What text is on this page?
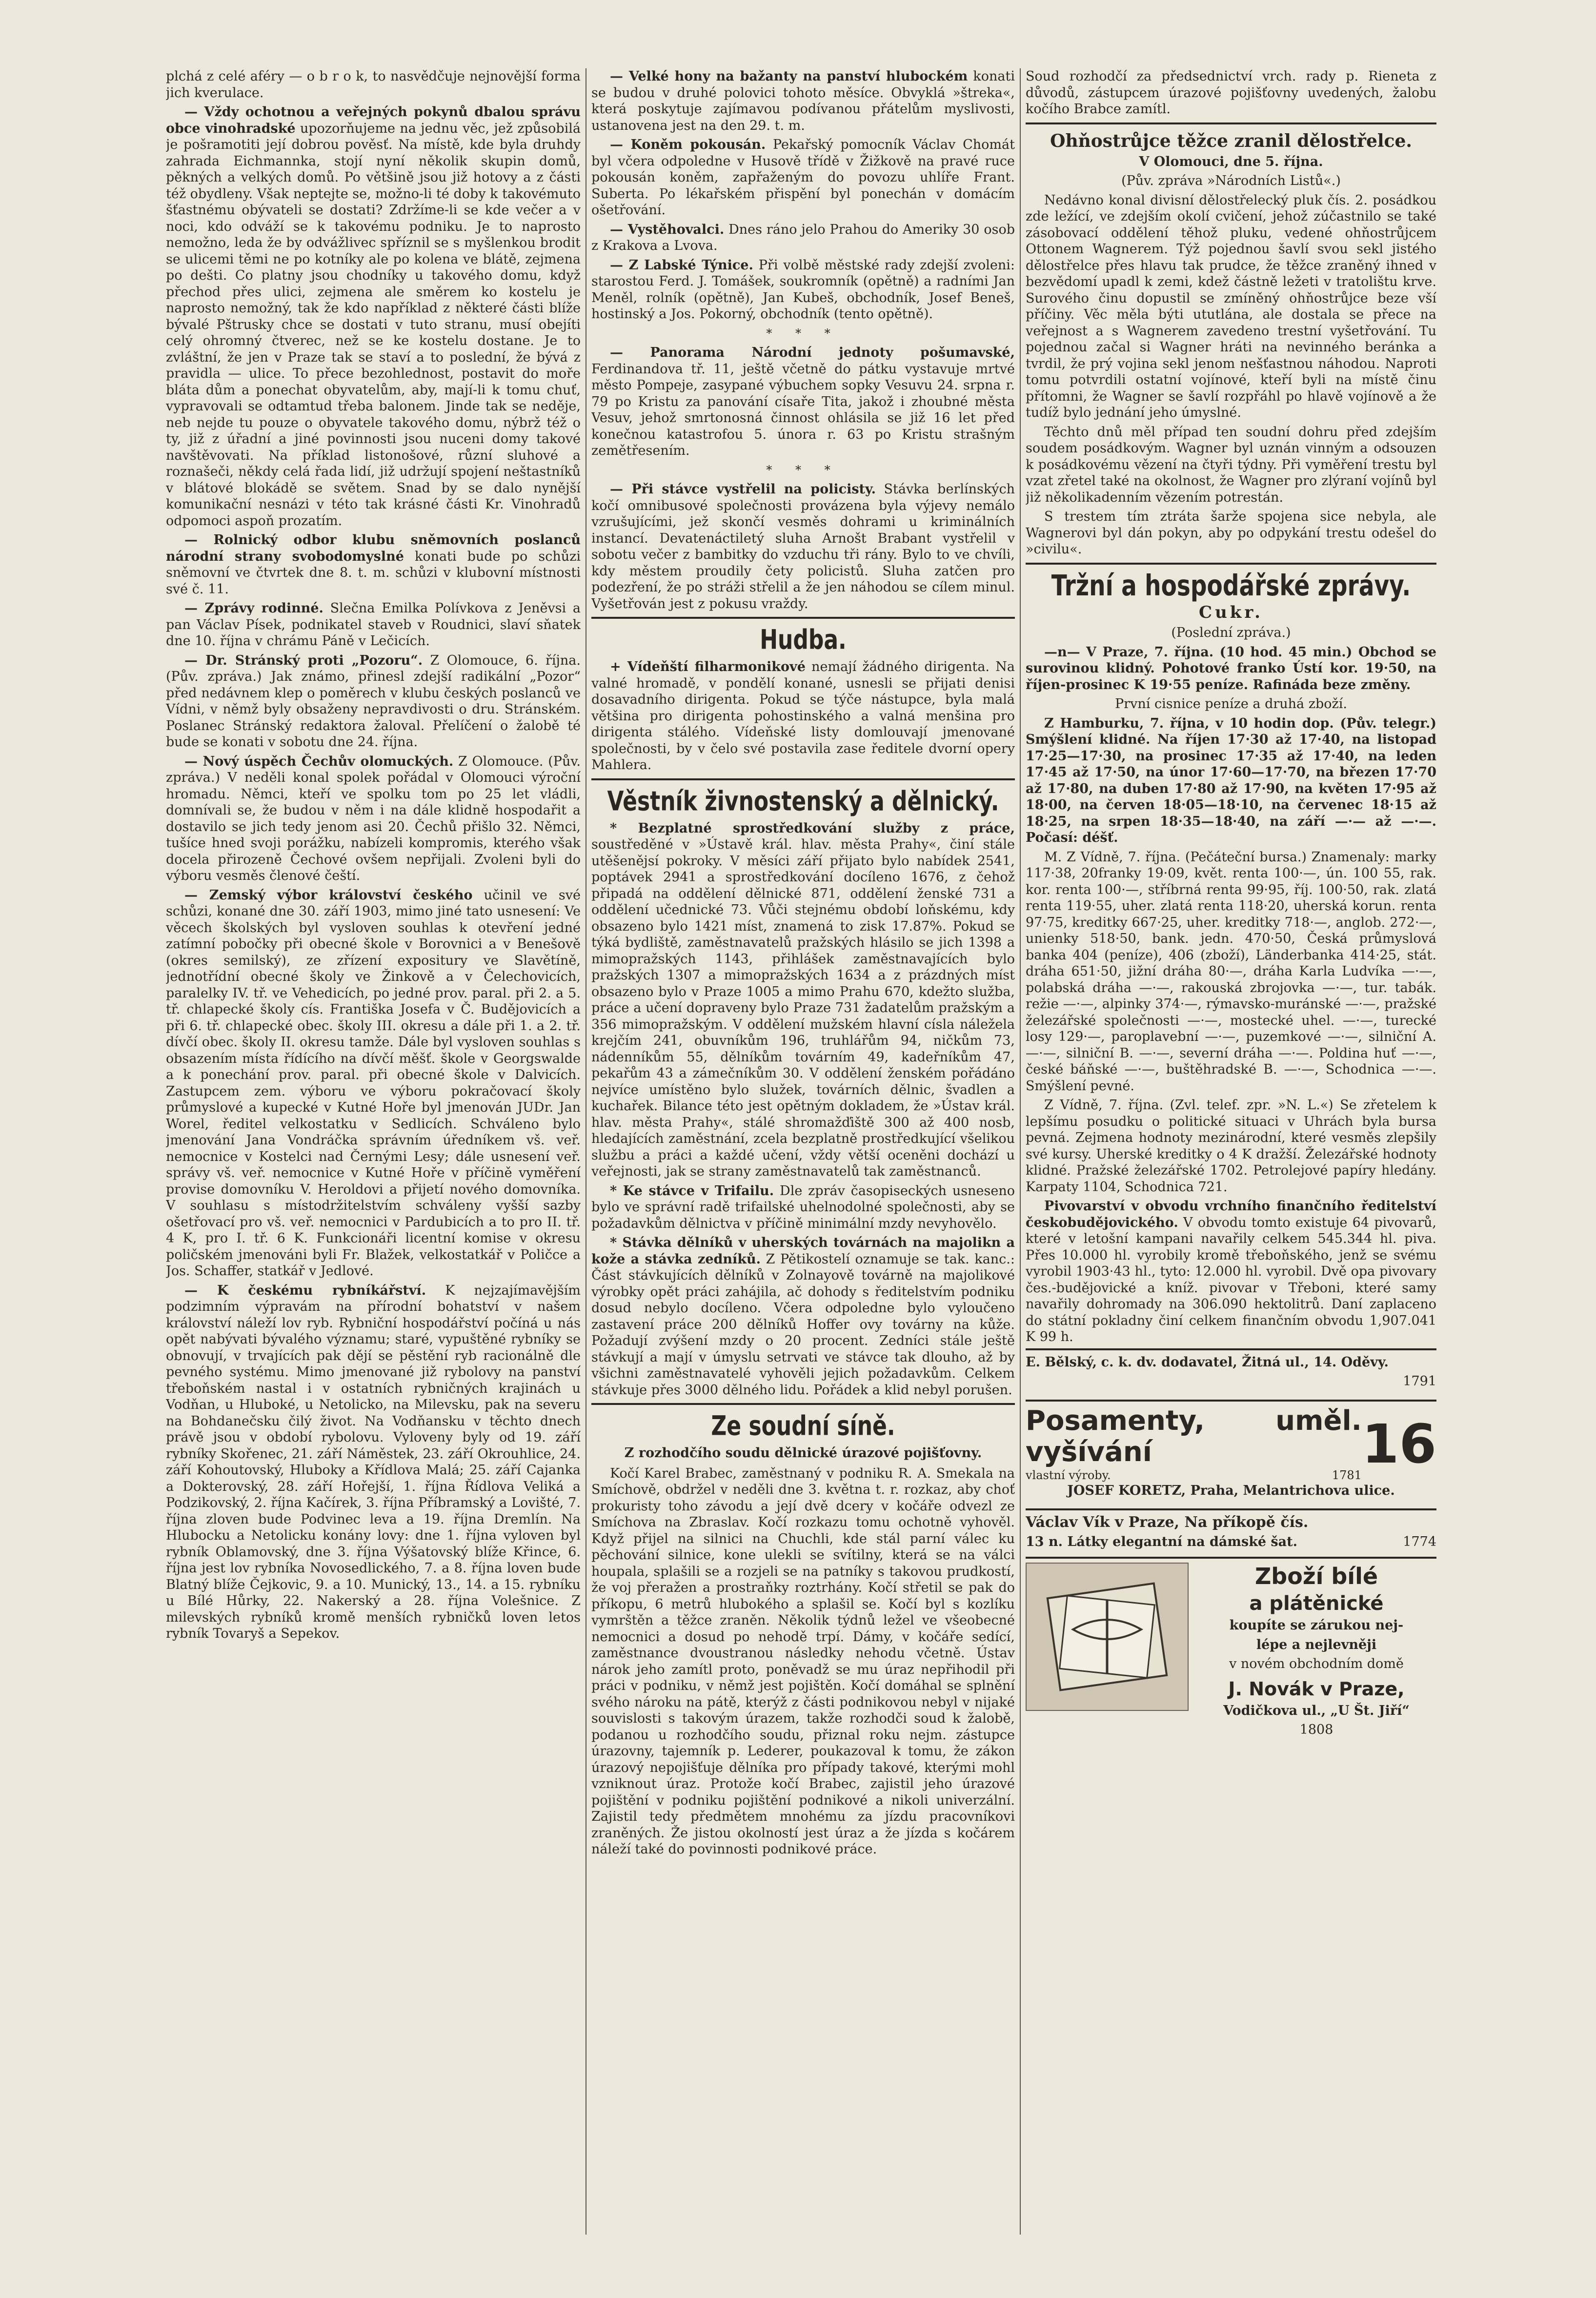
plchá z celé aféry — o b r o k, to nasvědčuje nejnovější forma jich kverulace.

— Vždy ochotnou a veřejných pokynů dbalou správu obce vinohradské upozorňujeme na jednu věc, jež způsobilá je pošramotiti její dobrou pověsť. Na místě, kde byla druhdy zahrada Eichmannka, stojí nyní několik skupin domů, pěkných a velkých domů. Po většině jsou již hotovy a z části též obydleny. Však neptejte se, možno-li té doby k takovémuto šťastnému obývateli se dostati? Zdržíme-li se kde večer a v noci, kdo odváží se k takovému podniku. Je to naprosto nemožno, leda že by odvážlivec spříznil se s myšlenkou brodit se ulicemi těmi ne po kotníky ale po kolena ve blátě, zejmena po dešti. Co platny jsou chodníky u takového domu, když přechod přes ulici, zejmena ale směrem ko kostelu je naprosto nemožný, tak že kdo například z některé části blíže bývalé Pštrusky chce se dostati v tuto stranu, musí obejíti celý ohromný čtverec, než se ke kostelu dostane. Je to zvláštní, že jen v Praze tak se staví a to poslední, že bývá z pravidla — ulice. To přece bezohlednost, postavit do moře bláta dům a ponechat obyvatelům, aby, mají-li k tomu chuť, vypravovali se odtamtud třeba balonem. Jinde tak se neděje, neb nejde tu pouze o obyvatele takového domu, nýbrž též o ty, již z úřadní a jiné povinnosti jsou nuceni domy takové navštěvovati. Na příklad listonošové, různí sluhové a roznašeči, někdy celá řada lidí, již udržují spojení neštastníků v blátové blokádě se světem. Snad by se dalo nynější komunikační nesnázi v této tak krásné části Kr. Vinohradů odpomoci aspoň prozatím.

— Rolnický odbor klubu sněmovních poslanců národní strany svobodomyslné konati bude po schůzi sněmovní ve čtvrtek dne 8. t. m. schůzi v klubovní místnosti své č. 11.

— Zprávy rodinné. Slečna Emilka Polívkova z Jeněvsi a pan Václav Písek, podnikatel staveb v Roudnici, slaví sňatek dne 10. října v chrámu Páně v Lečicích.

— Dr. Stránský proti „Pozoru“. Z Olomouce, 6. října. (Pův. zpráva.) Jak známo, přinesl zdejší radikální „Pozor“ před nedávnem klep o poměrech v klubu českých poslanců ve Vídni, v němž byly obsaženy nepravdivosti o dru. Stránském. Poslanec Stránský redaktora žaloval. Přelíčení o žalobě té bude se konati v sobotu dne 24. října.

— Nový úspěch Čechův olomuckých. Z Olomouce. (Pův. zpráva.) V neděli konal spolek pořádal v Olomouci výroční hromadu. Němci, kteří ve spolku tom po 25 let vládli, domnívali se, že budou v něm i na dále klidně hospodařit a dostavilo se jich tedy jenom asi 20. Čechů přišlo 32. Němci, tušíce hned svoji porážku, nabízeli kompromis, kterého však docela přirozeně Čechové ovšem nepřijali. Zvoleni byli do výboru vesměs členové čeští.

— Zemský výbor království českého učinil ve své schůzi, konané dne 30. září 1903, mimo jiné tato usnesení: Ve věcech školských byl vysloven souhlas k otevření jedné zatímní pobočky při obecné škole v Borovnici a v Benešově (okres semilský), ze zřízení expositury ve Slavětíně, jednotřídní obecné školy ve Žinkově a v Čelechovicích, paralelky IV. tř. ve Vehedicích, po jedné prov. paral. při 2. a 5. tř. chlapecké školy cís. Františka Josefa v Č. Budějovicích a při 6. tř. chlapecké obec. školy III. okresu a dále při 1. a 2. tř. dívčí obec. školy II. okresu tamže. Dále byl vysloven souhlas s obsazením místa řídícího na dívčí měšť. škole v Georgswalde a k ponechání prov. paral. při obecné škole v Dalvicích. Zastupcem zem. výboru ve výboru pokračovací školy průmyslové a kupecké v Kutné Hoře byl jmenován JUDr. Jan Worel, ředitel velkostatku v Sedlicích. Schváleno bylo jmenování Jana Vondráčka správním úředníkem vš. veř. nemocnice v Kostelci nad Černými Lesy; dále usnesení veř. správy vš. veř. nemocnice v Kutné Hoře v příčině vyměření provise domovníku V. Heroldovi a přijetí nového domovníka. V souhlasu s místodržitelstvím schváleny vyšší sazby ošetřovací pro vš. veř. nemocnici v Pardubicích a to pro II. tř. 4 K, pro I. tř. 6 K. Funkcionáři licentní komise v okresu poličském jmenováni byli Fr. Blažek, velkostatkář v Poličce a Jos. Schaffer, statkář v Jedlové.

— K českému rybníkářství. K nejzajímavějším podzimním výpravám na přírodní bohatství v našem království náleží lov ryb. Rybniční hospodářství počíná u nás opět nabývati bývalého významu; staré, vypuštěné rybníky se obnovují, v trvajících pak dějí se pěstění ryb racionálně dle pevného systému. Mimo jmenované již rybolovy na panství třeboňském nastal i v ostatních rybničných krajinách u Vodňan, u Hluboké, u Netolicko, na Milevsku, pak na severu na Bohdanečsku čilý život. Na Vodňansku v těchto dnech právě jsou v období rybolovu. Vyloveny byly od 19. září rybníky Skořenec, 21. září Náměstek, 23. září Okrouhlice, 24. září Kohoutovský, Hluboky a Křídlova Malá; 25. září Cajanka a Dokterovský, 28. září Hořejší, 1. října Řídlova Veliká a Podzikovský, 2. října Kačírek, 3. října Příbramský a Lovišté, 7. října zloven bude Podvinec leva a 19. října Dremlín. Na Hlubocku a Netolicku konány lovy: dne 1. října vyloven byl rybník Oblamovský, dne 3. října Výšatovský blíže Křince, 6. října jest lov rybníka Novosedlického, 7. a 8. října loven bude Blatný blíže Čejkovic, 9. a 10. Munický, 13., 14. a 15. rybníku u Bílé Hůrky, 22. Nakerský a 28. října Volešnice. Z milevských rybníků kromě menších rybničků loven letos rybník Tovaryš a Sepekov.

— Velké hony na bažanty na panství hlubockém konati se budou v druhé polovici tohoto měsíce. Obvyklá »štreka«, která poskytuje zajímavou podívanou přátelům myslivosti, ustanovena jest na den 29. t. m.

— Koněm pokousán. Pekařský pomocník Václav Chomát byl včera odpoledne v Husově třídě v Žižkově na pravé ruce pokousán koněm, zapřaženým do povozu uhlíře Frant. Suberta. Po lékařském přispění byl ponechán v domácím ošetřování.

— Vystěhovalci. Dnes ráno jelo Prahou do Ameriky 30 osob z Krakova a Lvova.

— Z Labské Týnice. Při volbě městské rady zdejší zvoleni: starostou Ferd. J. Tomášek, soukromník (opětně) a radními Jan Meněl, rolník (opětně), Jan Kubeš, obchodník, Josef Beneš, hostinský a Jos. Pokorný, obchodník (tento opětně).

* * *

— Panorama Národní jednoty pošumavské, Ferdinandova tř. 11, ještě včetně do pátku vystavuje mrtvé město Pompeje, zasypané výbuchem sopky Vesuvu 24. srpna r. 79 po Kristu za panování císaře Tita, jakož i zhoubné města Vesuv, jehož smrtonosná činnost ohlásila se již 16 let před konečnou katastrofou 5. února r. 63 po Kristu strašným zemětřesením.

* * *

— Při stávce vystřelil na policisty. Stávka berlínských kočí omnibusové společnosti provázena byla výjevy nemálo vzrušujícími, jež skončí vesměs dohrami u kriminálních instancí. Devatenáctiletý sluha Arnošt Brabant vystřelil v sobotu večer z bambitky do vzduchu tři rány. Bylo to ve chvíli, kdy městem proudily čety policistů. Sluha zatčen pro podezření, že po stráži střelil a že jen náhodou se cílem minul. Vyšetřován jest z pokusu vraždy.

Hudba.

+ Vídeňští filharmonikové nemají žádného dirigenta. Na valné hromadě, v pondělí konané, usnesli se přijati denisi dosavadního dirigenta. Pokud se týče nástupce, byla malá většina pro dirigenta pohostinského a valná menšina pro dirigenta stálého. Vídeňské listy domlouvají jmenované společnosti, by v čelo své postavila zase ředitele dvorní opery Mahlera.

Věstník živnostenský a dělnický.

* Bezplatné sprostředkování služby z práce, soustředěné v »Ústavě král. hlav. města Prahy«, činí stále utěšenějsí pokroky. V měsíci září přijato bylo nabídek 2541, poptávek 2941 a sprostředkování docíleno 1676, z čehož připadá na oddělení dělnické 871, oddělení ženské 731 a oddělení učednické 73. Vůči stejnému období loňskému, kdy obsazeno bylo 1421 míst, znamená to zisk 17.87%. Pokud se týká bydliště, zaměstnavatelů pražských hlásilo se jich 1398 a mimopražských 1143, přihlášek zaměstnavajících bylo pražských 1307 a mimopražských 1634 a z prázdných míst obsazeno bylo v Praze 1005 a mimo Prahu 670, kdežto služba, práce a učení dopraveny bylo Praze 731 žadatelům pražským a 356 mimopražským. V oddělení mužském hlavní císla náležela krejčím 241, obuvníkům 196, truhlářům 94, ničkům 73, nádenníkům 55, dělníkům továrním 49, kadeřníkům 47, pekařům 43 a zámečníkům 30. V oddělení ženském pořádáno nejvíce umístěno bylo služek, továrních dělnic, švadlen a kuchařek. Bilance této jest opětným dokladem, že »Ústav král. hlav. města Prahy«, stálé shromažďiště 300 až 400 nosb, hledajících zaměstnání, zcela bezplatně prostředkující všelikou službu a práci a každé učení, vždy větší oceněni dochází u veřejnosti, jak se strany zaměstnavatelů tak zaměstnanců.

* Ke stávce v Trifailu. Dle zpráv časopiseckých usneseno bylo ve správní radě trifailské uhelnodolné společnosti, aby se požadavkům dělnictva v příčině minimální mzdy nevyhovělo.

* Stávka dělníků v uherských továrnách na majolikn a kože a stávka zedníků. Z Pětikostelí oznamuje se tak. kanc.: Část stávkujících dělníků v Zolnayově továrně na majolikové výrobky opět práci zahájila, ač dohody s ředitelstvím podniku dosud nebylo docíleno. Včera odpoledne bylo vyloučeno zastavení práce 200 dělníků Hoffer ovy továrny na kůže. Požadují zvýšení mzdy o 20 procent. Zedníci stále ještě stávkují a mají v úmyslu setrvati ve stávce tak dlouho, až by všichni zaměstnavatelé vyhověli jejich požadavkům. Celkem stávkuje přes 3000 dělného lidu. Pořádek a klid nebyl porušen.

Ze soudní síně.
Z rozhodčího soudu dělnické úrazové pojišťovny.

Kočí Karel Brabec, zaměstnaný v podniku R. A. Smekala na Smíchově, obdržel v neděli dne 3. května t. r. rozkaz, aby choť prokuristy toho závodu a její dvě dcery v kočáře odvezl ze Smíchova na Zbraslav. Kočí rozkazu tomu ochotně vyhověl. Když přijel na silnici na Chuchli, kde stál parní válec ku pěchování silnice, kone ulekli se svítilny, která se na válci houpala, splašili se a rozjeli se na patníky s takovou prudkostí, že voj přeražen a prostraňky roztrhány. Kočí střetil se pak do příkopu, 6 metrů hlubokého a splašil se. Kočí byl s kozlíku vymrštěn a těžce zraněn. Několik týdnů ležel ve všeobecné nemocnici a dosud po nehodě trpí. Dámy, v kočáře sedící, zaměstnance dvoustranou následky nehodu včetně. Ústav nárok jeho zamítl proto, poněvadž se mu úraz nepřihodil při práci v podniku, v němž jest pojištěn. Kočí domáhal se splnění svého nároku na pátě, kterýž z části podnikovou nebyl v nijaké souvislosti s takovým úrazem, takže rozhodči soud k žalobě, podanou u rozhodčího soudu, přiznal roku nejm. zástupce úrazovny, tajemník p. Lederer, poukazoval k tomu, že zákon úrazový nepojišťuje dělníka pro případy takové, kterými mohl vzniknout úraz. Protože kočí Brabec, zajistil jeho úrazové pojištění v podniku pojištění podnikové a nikoli univerzální. Zajistil tedy předmětem mnohému za jízdu pracovníkovi zraněných. Že jistou okolností jest úraz a že jízda s kočárem náleží také do povinnosti podnikové práce.

Soud rozhodčí za předsednictví vrch. rady p. Rieneta z důvodů, zástupcem úrazové pojišťovny uvedených, žalobu kočího Brabce zamítl.

Ohňostrůjce těžce zranil dělostřelce.

V Olomouci, dne 5. října.

(Pův. zpráva »Národních Listů«.)

Nedávno konal divisní dělostřelecký pluk čís. 2. posádkou zde ležící, ve zdejším okolí cvičení, jehož zúčastnilo se také zásobovací oddělení těhož pluku, vedené ohňostrůjcem Ottonem Wagnerem. Týž pojednou šavlí svou sekl jistého dělostřelce přes hlavu tak prudce, že těžce zraněný ihned v bezvědomí upadl k zemi, kdež částně ležeti v tratolištu krve. Surového činu dopustil se zmíněný ohňostrůjce beze vší příčiny. Věc měla býti ututlána, ale dostala se přece na veřejnost a s Wagnerem zavedeno trestní vyšetřování. Tu pojednou začal si Wagner hráti na nevinného beránka a tvrdil, že prý vojina sekl jenom nešťastnou náhodou. Naproti tomu potvrdili ostatní vojínové, kteří byli na místě činu přítomni, že Wagner se šavlí rozpřáhl po hlavě vojínově a že tudíž bylo jednání jeho úmyslné.

Těchto dnů měl případ ten soudní dohru před zdejším soudem posádkovým. Wagner byl uznán vinným a odsouzen k posádkovému vězení na čtyři týdny. Při vyměření trestu byl vzat zřetel také na okolnost, že Wagner pro zlýraní vojínů byl již několikadenním vězením potrestán.

S trestem tím ztráta šarže spojena sice nebyla, ale Wagnerovi byl dán pokyn, aby po odpykání trestu odešel do »civilu«.

Tržní a hospodářské zprávy.
Cukr.

(Poslední zpráva.)

—n— V Praze, 7. října. (10 hod. 45 min.) Obchod se surovinou klidný. Pohotové franko Ústí kor. 19·50, na říjen-prosinec K 19·55 peníze. Rafináda beze změny.

První cisnice peníze a druhá zboží.

Z Hamburku, 7. října, v 10 hodin dop. (Pův. telegr.) Smýšlení klidné. Na říjen 17·30 až 17·40, na listopad 17·25—17·30, na prosinec 17·35 až 17·40, na leden 17·45 až 17·50, na únor 17·60—17·70, na březen 17·70 až 17·80, na duben 17·80 až 17·90, na květen 17·95 až 18·00, na červen 18·05—18·10, na červenec 18·15 až 18·25, na srpen 18·35—18·40, na září —·— až —·—. Počasí: déšť.

M. Z Vídně, 7. října. (Pečáteční bursa.) Znamenaly: marky 117·38, 20franky 19·09, květ. renta 100·—, ún. 100 55, rak. kor. renta 100·—, stříbrná renta 99·95, říj. 100·50, rak. zlatá renta 119·55, uher. zlatá renta 118·20, uherská korun. renta 97·75, kreditky 667·25, uher. kreditky 718·—, anglob. 272·—, unienky 518·50, bank. jedn. 470·50, Česká průmyslová banka 404 (peníze), 406 (zboží), Länderbanka 414·25, stát. dráha 651·50, jižní dráha 80·—, dráha Karla Ludvíka —·—, polabská dráha —·—, rakouská zbrojovka —·—, tur. tabák. režie —·—, alpinky 374·—, rýmavsko-muránské —·—, pražské železářské společnosti —·—, mostecké uhel. —·—, turecké losy 129·—, paroplavební —·—, puzemkové —·—, silniční A. —·—, silniční B. —·—, severní dráha —·—. Poldina huť —·—, české báňské —·—, buštěhradské B. —·—, Schodnica —·—. Smýšlení pevné.

Z Vídně, 7. října. (Zvl. telef. zpr. »N. L.«) Se zřetelem k lepšímu posudku o politické situaci v Uhrách byla bursa pevná. Zejmena hodnoty mezinárodní, které vesměs zlepšily své kursy. Uherské kreditky o 4 K dražší. Železářské hodnoty klidné. Pražské železářské 1702. Petrolejové papíry hledány. Karpaty 1104, Schodnica 721.

Pivovarství v obvodu vrchního finančního ředitelství českobudějovického. V obvodu tomto existuje 64 pivovarů, které v letošní kampani navařily celkem 545.344 hl. piva. Přes 10.000 hl. vyrobily kromě třeboňského, jenž se svému vyrobil 1903·43 hl., tyto: 12.000 hl. vyrobil. Dvě opa pivovary čes.-budějovické a kníž. pivovar v Třeboni, které samy navařily dohromady na 306.090 hektolitrů. Daní zaplaceno do státní pokladny činí celkem finančním obvodu 1,907.041 K 99 h.

E. Bělský, c. k. dv. dodavatel, Žitná ul., 14. Oděvy.

1791

Posamenty, uměl. vyšívání
vlastní výroby.	1781 16

JOSEF KORETZ, Praha, Melantrichova ulice.

Václav Vík v Praze, Na příkopě čís.

13 n. Látky elegantní na dámské šat.	1774
Zboží bílé
a plátěnické

koupíte se zárukou nej-

lépe a nejlevněji

v novém obchodním domě

J. Novák v Praze,

Vodičkova ul., „U Št. Jiří“

1808
